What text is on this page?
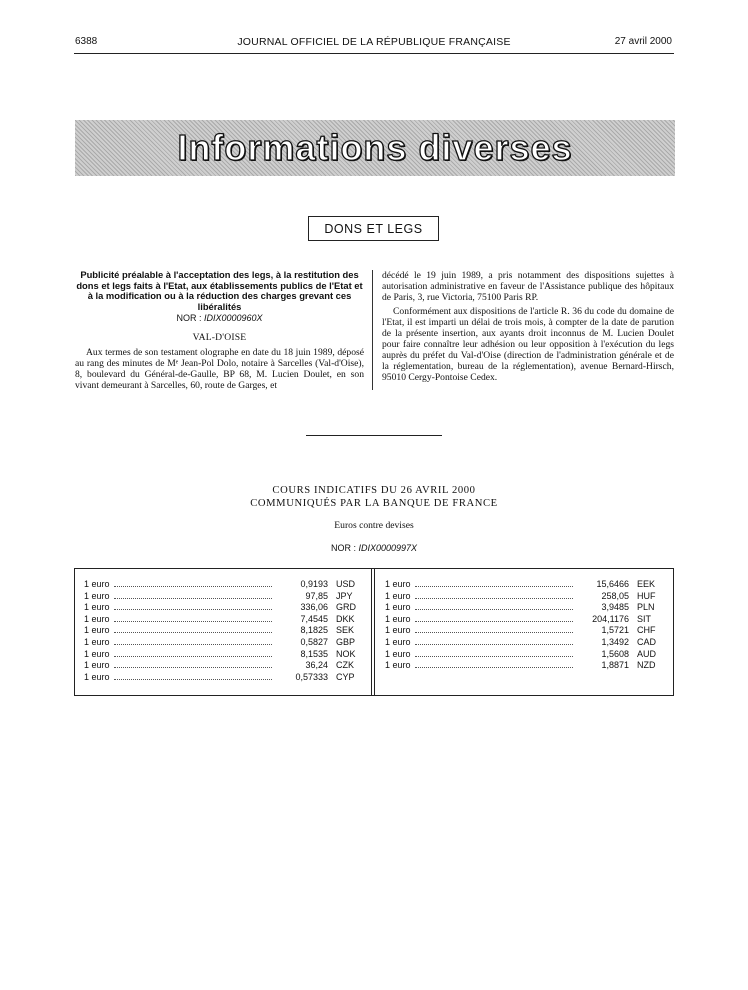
6388	JOURNAL OFFICIEL DE LA RÉPUBLIQUE FRANÇAISE	27 avril 2000
Informations diverses
DONS ET LEGS

Publicité préalable à l'acceptation des legs, à la restitution des dons et legs faits à l'Etat, aux établissements publics de l'Etat et à la modification ou à la réduction des charges grevant ces libéralités

NOR : IDIX0000960X
VAL-D'OISE

Aux termes de son testament olographe en date du 18 juin 1989, déposé au rang des minutes de Mᵉ Jean-Pol Dolo, notaire à Sarcelles (Val-d'Oise), 8, boulevard du Général-de-Gaulle, BP 68, M. Lucien Doulet, en son vivant demeurant à Sarcelles, 60, route de Garges, et

décédé le 19 juin 1989, a pris notamment des dispositions sujettes à autorisation administrative en faveur de l'Assistance publique des hôpitaux de Paris, 3, rue Victoria, 75100 Paris RP.

Conformément aux dispositions de l'article R. 36 du code du domaine de l'Etat, il est imparti un délai de trois mois, à compter de la date de parution de la présente insertion, aux ayants droit inconnus de M. Lucien Doulet pour faire connaître leur adhésion ou leur opposition à l'exécution du legs auprès du préfet du Val-d'Oise (direction de l'administration générale et de la réglementation, bureau de la réglementation), avenue Bernard-Hirsch, 95010 Cergy-Pontoise Cedex.

COURS INDICATIFS DU 26 AVRIL 2000
COMMUNIQUÉS PAR LA BANQUE DE FRANCE
Euros contre devises
NOR : IDIX0000997X
1 euro	0,9193 USD
1 euro	97,85 JPY
1 euro	336,06 GRD
1 euro	7,4545 DKK
1 euro	8,1825 SEK
1 euro	0,5827 GBP
1 euro	8,1535 NOK
1 euro	36,24 CZK
1 euro	0,57333 CYP
1 euro	15,6466 EEK
1 euro	258,05 HUF
1 euro	3,9485 PLN
1 euro	204,1176 SIT
1 euro	1,5721 CHF
1 euro	1,3492 CAD
1 euro	1,5608 AUD
1 euro	1,8871 NZD
